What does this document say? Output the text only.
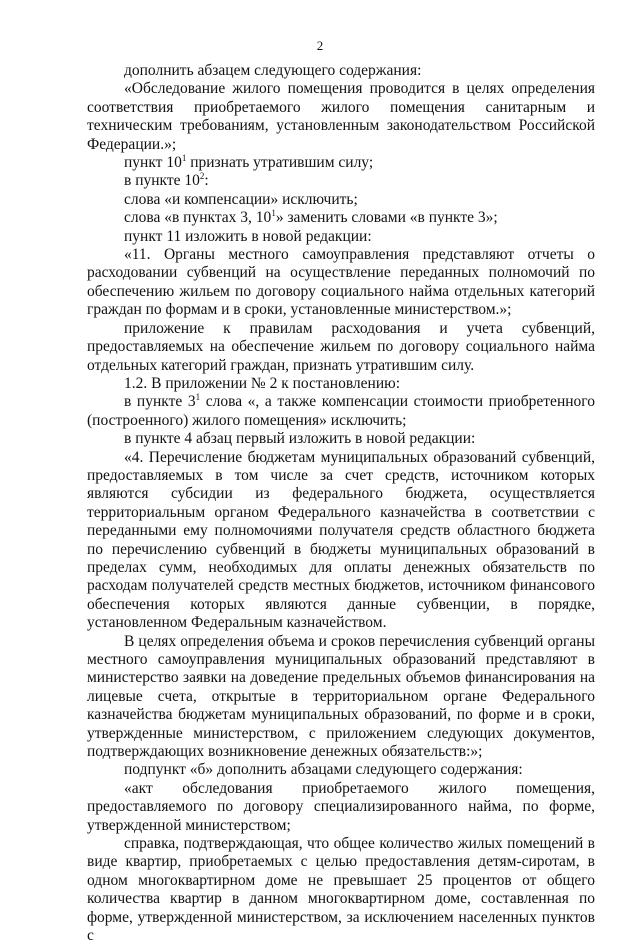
2

дополнить абзацем следующего содержания:

«Обследование жилого помещения проводится в целях определения соответствия приобретаемого жилого помещения санитарным и техническим требованиям, установленным законодательством Российской Федерации.»;

пункт $10^1$ признать утратившим силу;

в пункте $10^2$:

слова «и компенсации» исключить;

слова «в пунктах 3, $10^1$» заменить словами «в пункте 3»;

пункт 11 изложить в новой редакции:

«11. Органы местного самоуправления представляют отчеты о расходовании субвенций на осуществление переданных полномочий по обеспечению жильем по договору социального найма отдельных категорий граждан по формам и в сроки, установленные министерством.»;

приложение к правилам расходования и учета субвенций, предоставляемых на обеспечение жильем по договору социального найма отдельных категорий граждан, признать утратившим силу.

1.2. В приложении № 2 к постановлению:

в пункте $3^1$ слова «, а также компенсации стоимости приобретенного (построенного) жилого помещения» исключить;

в пункте 4 абзац первый изложить в новой редакции:

«4. Перечисление бюджетам муниципальных образований субвенций, предоставляемых в том числе за счет средств, источником которых являются субсидии из федерального бюджета, осуществляется территориальным органом Федерального казначейства в соответствии с переданными ему полномочиями получателя средств областного бюджета по перечислению субвенций в бюджеты муниципальных образований в пределах сумм, необходимых для оплаты денежных обязательств по расходам получателей средств местных бюджетов, источником финансового обеспечения которых являются данные субвенции, в порядке, установленном Федеральным казначейством.

В целях определения объема и сроков перечисления субвенций органы местного самоуправления муниципальных образований представляют в министерство заявки на доведение предельных объемов финансирования на лицевые счета, открытые в территориальном органе Федерального казначейства бюджетам муниципальных образований, по форме и в сроки, утвержденные министерством, с приложением следующих документов, подтверждающих возникновение денежных обязательств:»;

подпункт «б» дополнить абзацами следующего содержания:

«акт обследования приобретаемого жилого помещения, предоставляемого по договору специализированного найма, по форме, утвержденной министерством;

справка, подтверждающая, что общее количество жилых помещений в виде квартир, приобретаемых с целью предоставления детям-сиротам, в одном многоквартирном доме не превышает 25 процентов от общего количества квартир в данном многоквартирном доме, составленная по форме, утвержденной министерством, за исключением населенных пунктов с
